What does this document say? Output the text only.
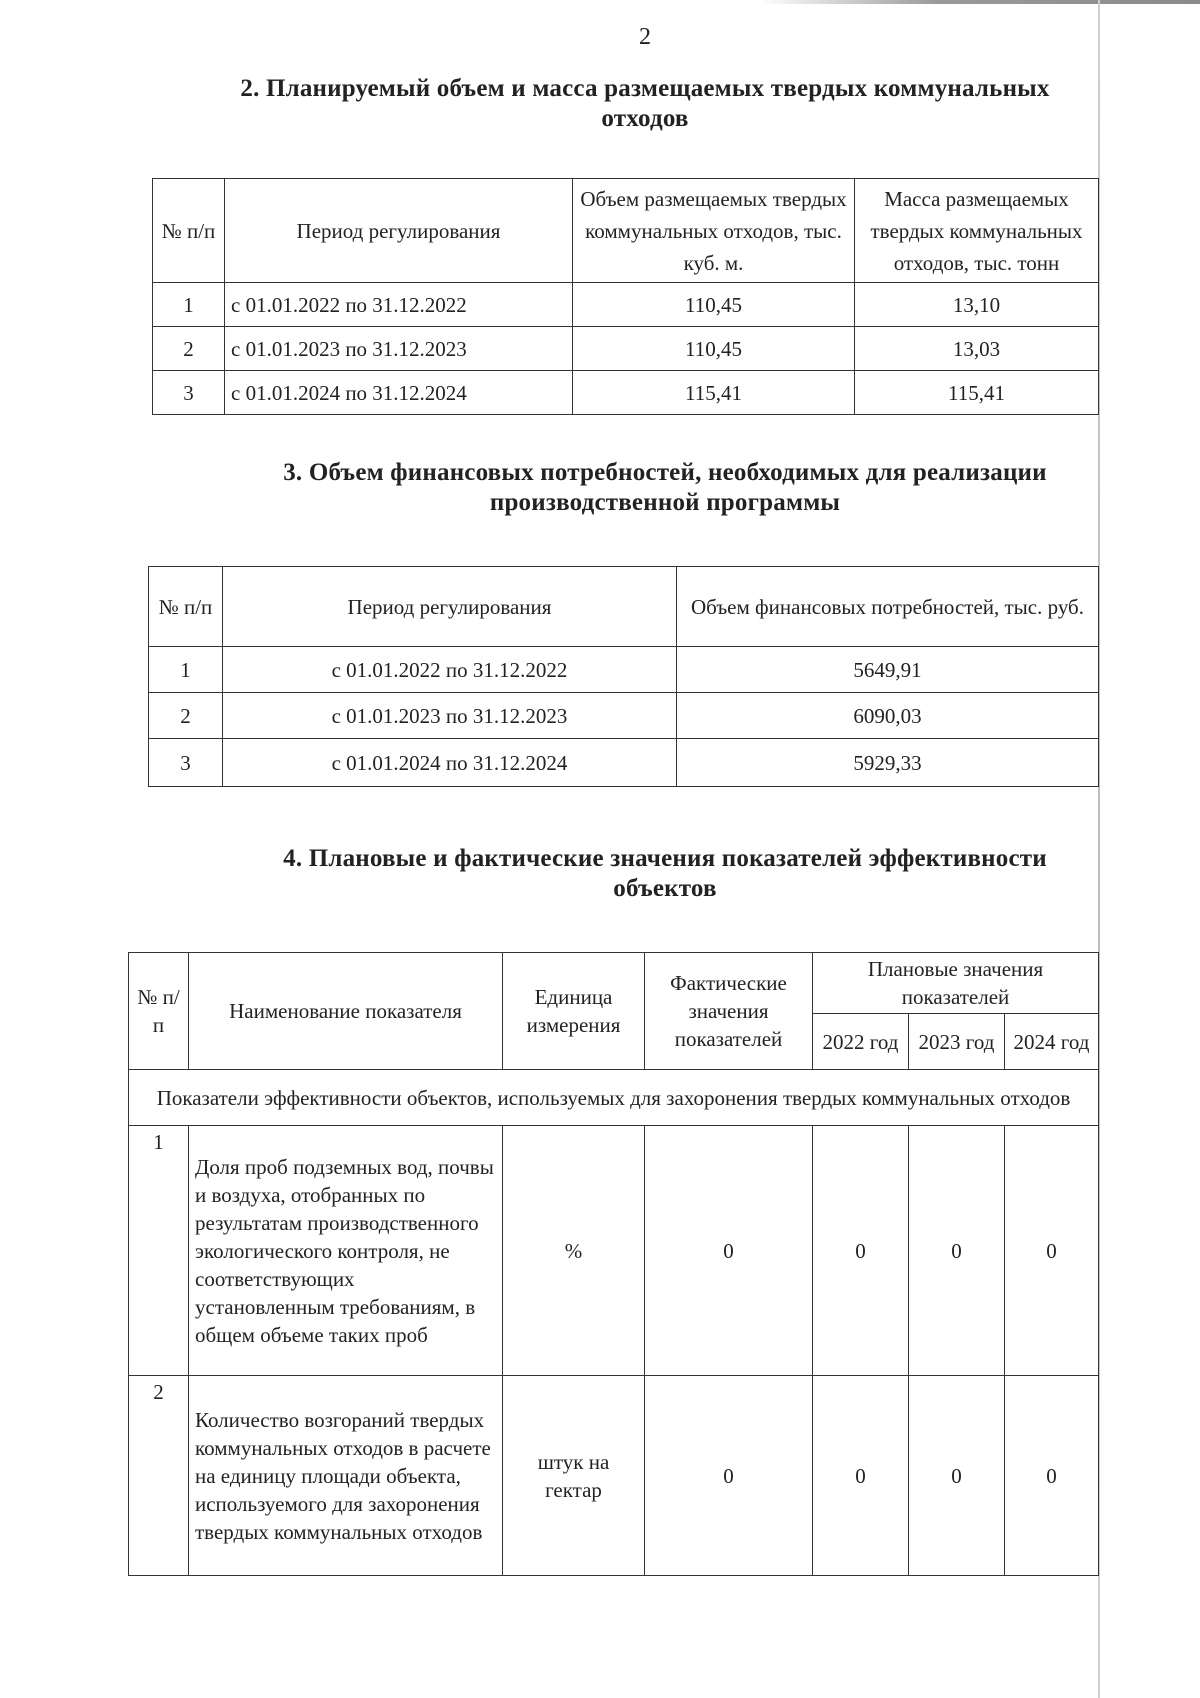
2
2. Планируемый объем и масса размещаемых твердых коммунальных
отходов
№ п/п	Период регулирования	Объем размещаемых твердых коммунальных отходов, тыс. куб. м.	Масса размещаемых твердых коммунальных отходов, тыс. тонн
1	с 01.01.2022 по 31.12.2022	110,45	13,10
2	с 01.01.2023 по 31.12.2023	110,45	13,03
3	с 01.01.2024 по 31.12.2024	115,41	115,41
3. Объем финансовых потребностей, необходимых для реализации
производственной программы
№ п/п	Период регулирования	Объем финансовых потребностей, тыс. руб.
1	с 01.01.2022 по 31.12.2022	5649,91
2	с 01.01.2023 по 31.12.2023	6090,03
3	с 01.01.2024 по 31.12.2024	5929,33
4. Плановые и фактические значения показателей эффективности
объектов
№ п/п	Наименование показателя	Единица измерения	Фактические значения показателей	Плановые значения показателей		
				2022 год	2023 год	2024 год
Показатели эффективности объектов, используемых для захоронения твердых коммунальных отходов						
1	Доля проб подземных вод, почвы и воздуха, отобранных по результатам производственного экологического контроля, не соответствующих установленным требованиям, в общем объеме таких проб	%	0	0	0	0
2	Количество возгораний твердых коммунальных отходов в расчете на единицу площади объекта, используемого для захоронения твердых коммунальных отходов	штук на гектар	0	0	0	0
